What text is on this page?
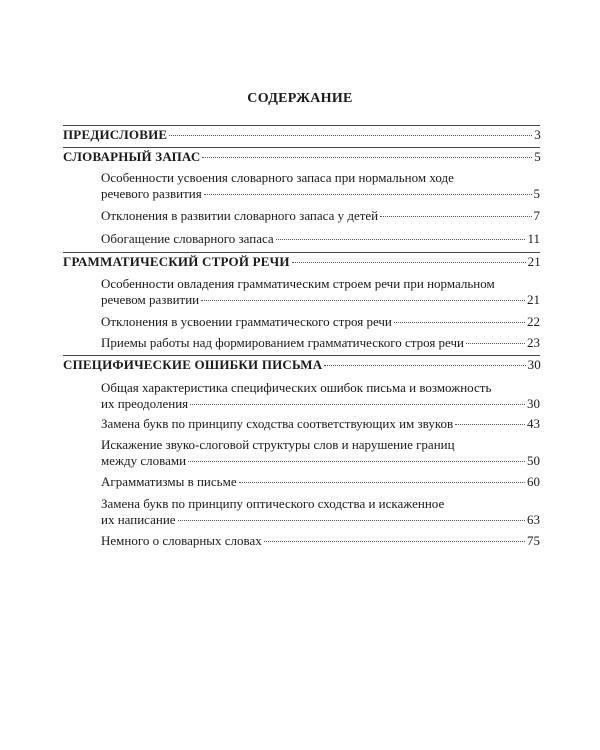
СОДЕРЖАНИЕ
ПРЕДИСЛОВИЕ	3
СЛОВАРНЫЙ ЗАПАС	5
Особенности усвоения словарного запаса при нормальном ходе
речевого развития	5
Отклонения в развитии словарного запаса у детей	7
Обогащение словарного запаса	11
ГРАММАТИЧЕСКИЙ СТРОЙ РЕЧИ	21
Особенности овладения грамматическим строем речи при нормальном
речевом развитии	21
Отклонения в усвоении грамматического строя речи	22
Приемы работы над формированием грамматического строя речи	23
СПЕЦИФИЧЕСКИЕ ОШИБКИ ПИСЬМА	30
Общая характеристика специфических ошибок письма и возможность
их преодоления	30
Замена букв по принципу сходства соответствующих им звуков	43
Искажение звуко-слоговой структуры слов и нарушение границ
между словами	50
Аграмматизмы в письме	60
Замена букв по принципу оптического сходства и искаженное
их написание	63
Немного о словарных словах	75
